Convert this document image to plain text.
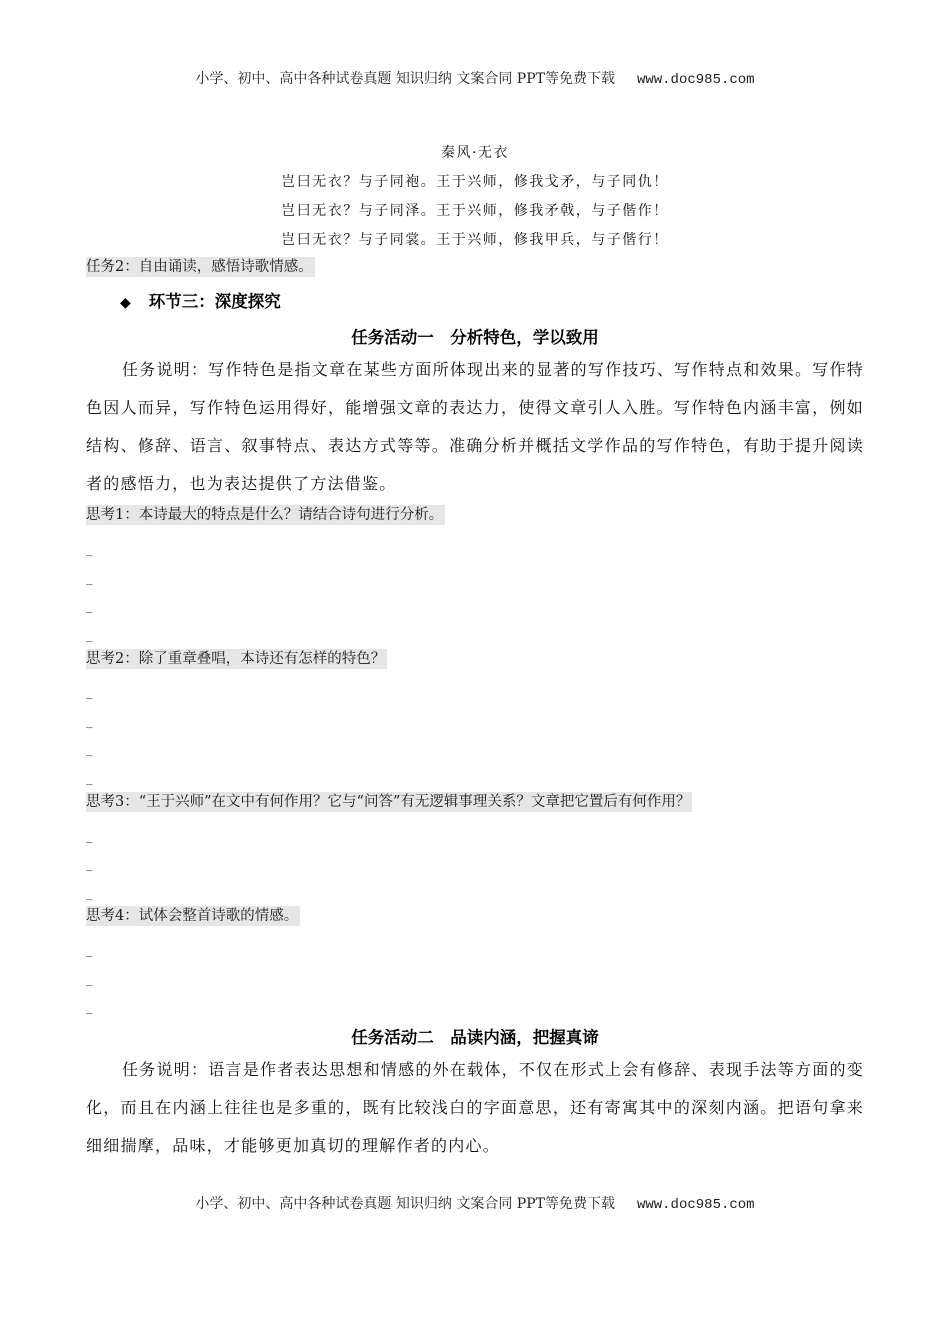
小学、初中、高中各种试卷真题 知识归纳 文案合同 PPT等免费下载 www.doc985.com
秦风·无衣
岂曰无衣？与子同袍。王于兴师，修我戈矛，与子同仇！
岂曰无衣？与子同泽。王于兴师，修我矛戟，与子偕作！
岂曰无衣？与子同裳。王于兴师，修我甲兵，与子偕行！
任务2：自由诵读，感悟诗歌情感。
◆ 环节三：深度探究
任务活动一　分析特色，学以致用
任务说明：写作特色是指文章在某些方面所体现出来的显著的写作技巧、写作特点和效果。写作特色因人而异，写作特色运用得好，能增强文章的表达力，使得文章引人入胜。写作特色内涵丰富，例如结构、修辞、语言、叙事特点、表达方式等等。准确分析并概括文学作品的写作特色，有助于提升阅读者的感悟力，也为表达提供了方法借鉴。
思考1：本诗最大的特点是什么？请结合诗句进行分析。
_
_
_
_
思考2：除了重章叠唱，本诗还有怎样的特色？
_
_
_
_
思考3：“王于兴师”在文中有何作用？它与“问答”有无逻辑事理关系？文章把它置后有何作用？
_
_
_
思考4：试体会整首诗歌的情感。
_
_
_
任务活动二　品读内涵，把握真谛
任务说明：语言是作者表达思想和情感的外在载体，不仅在形式上会有修辞、表现手法等方面的变化，而且在内涵上往往也是多重的，既有比较浅白的字面意思，还有寄寓其中的深刻内涵。把语句拿来细细揣摩，品味，才能够更加真切的理解作者的内心。
小学、初中、高中各种试卷真题 知识归纳 文案合同 PPT等免费下载 www.doc985.com
